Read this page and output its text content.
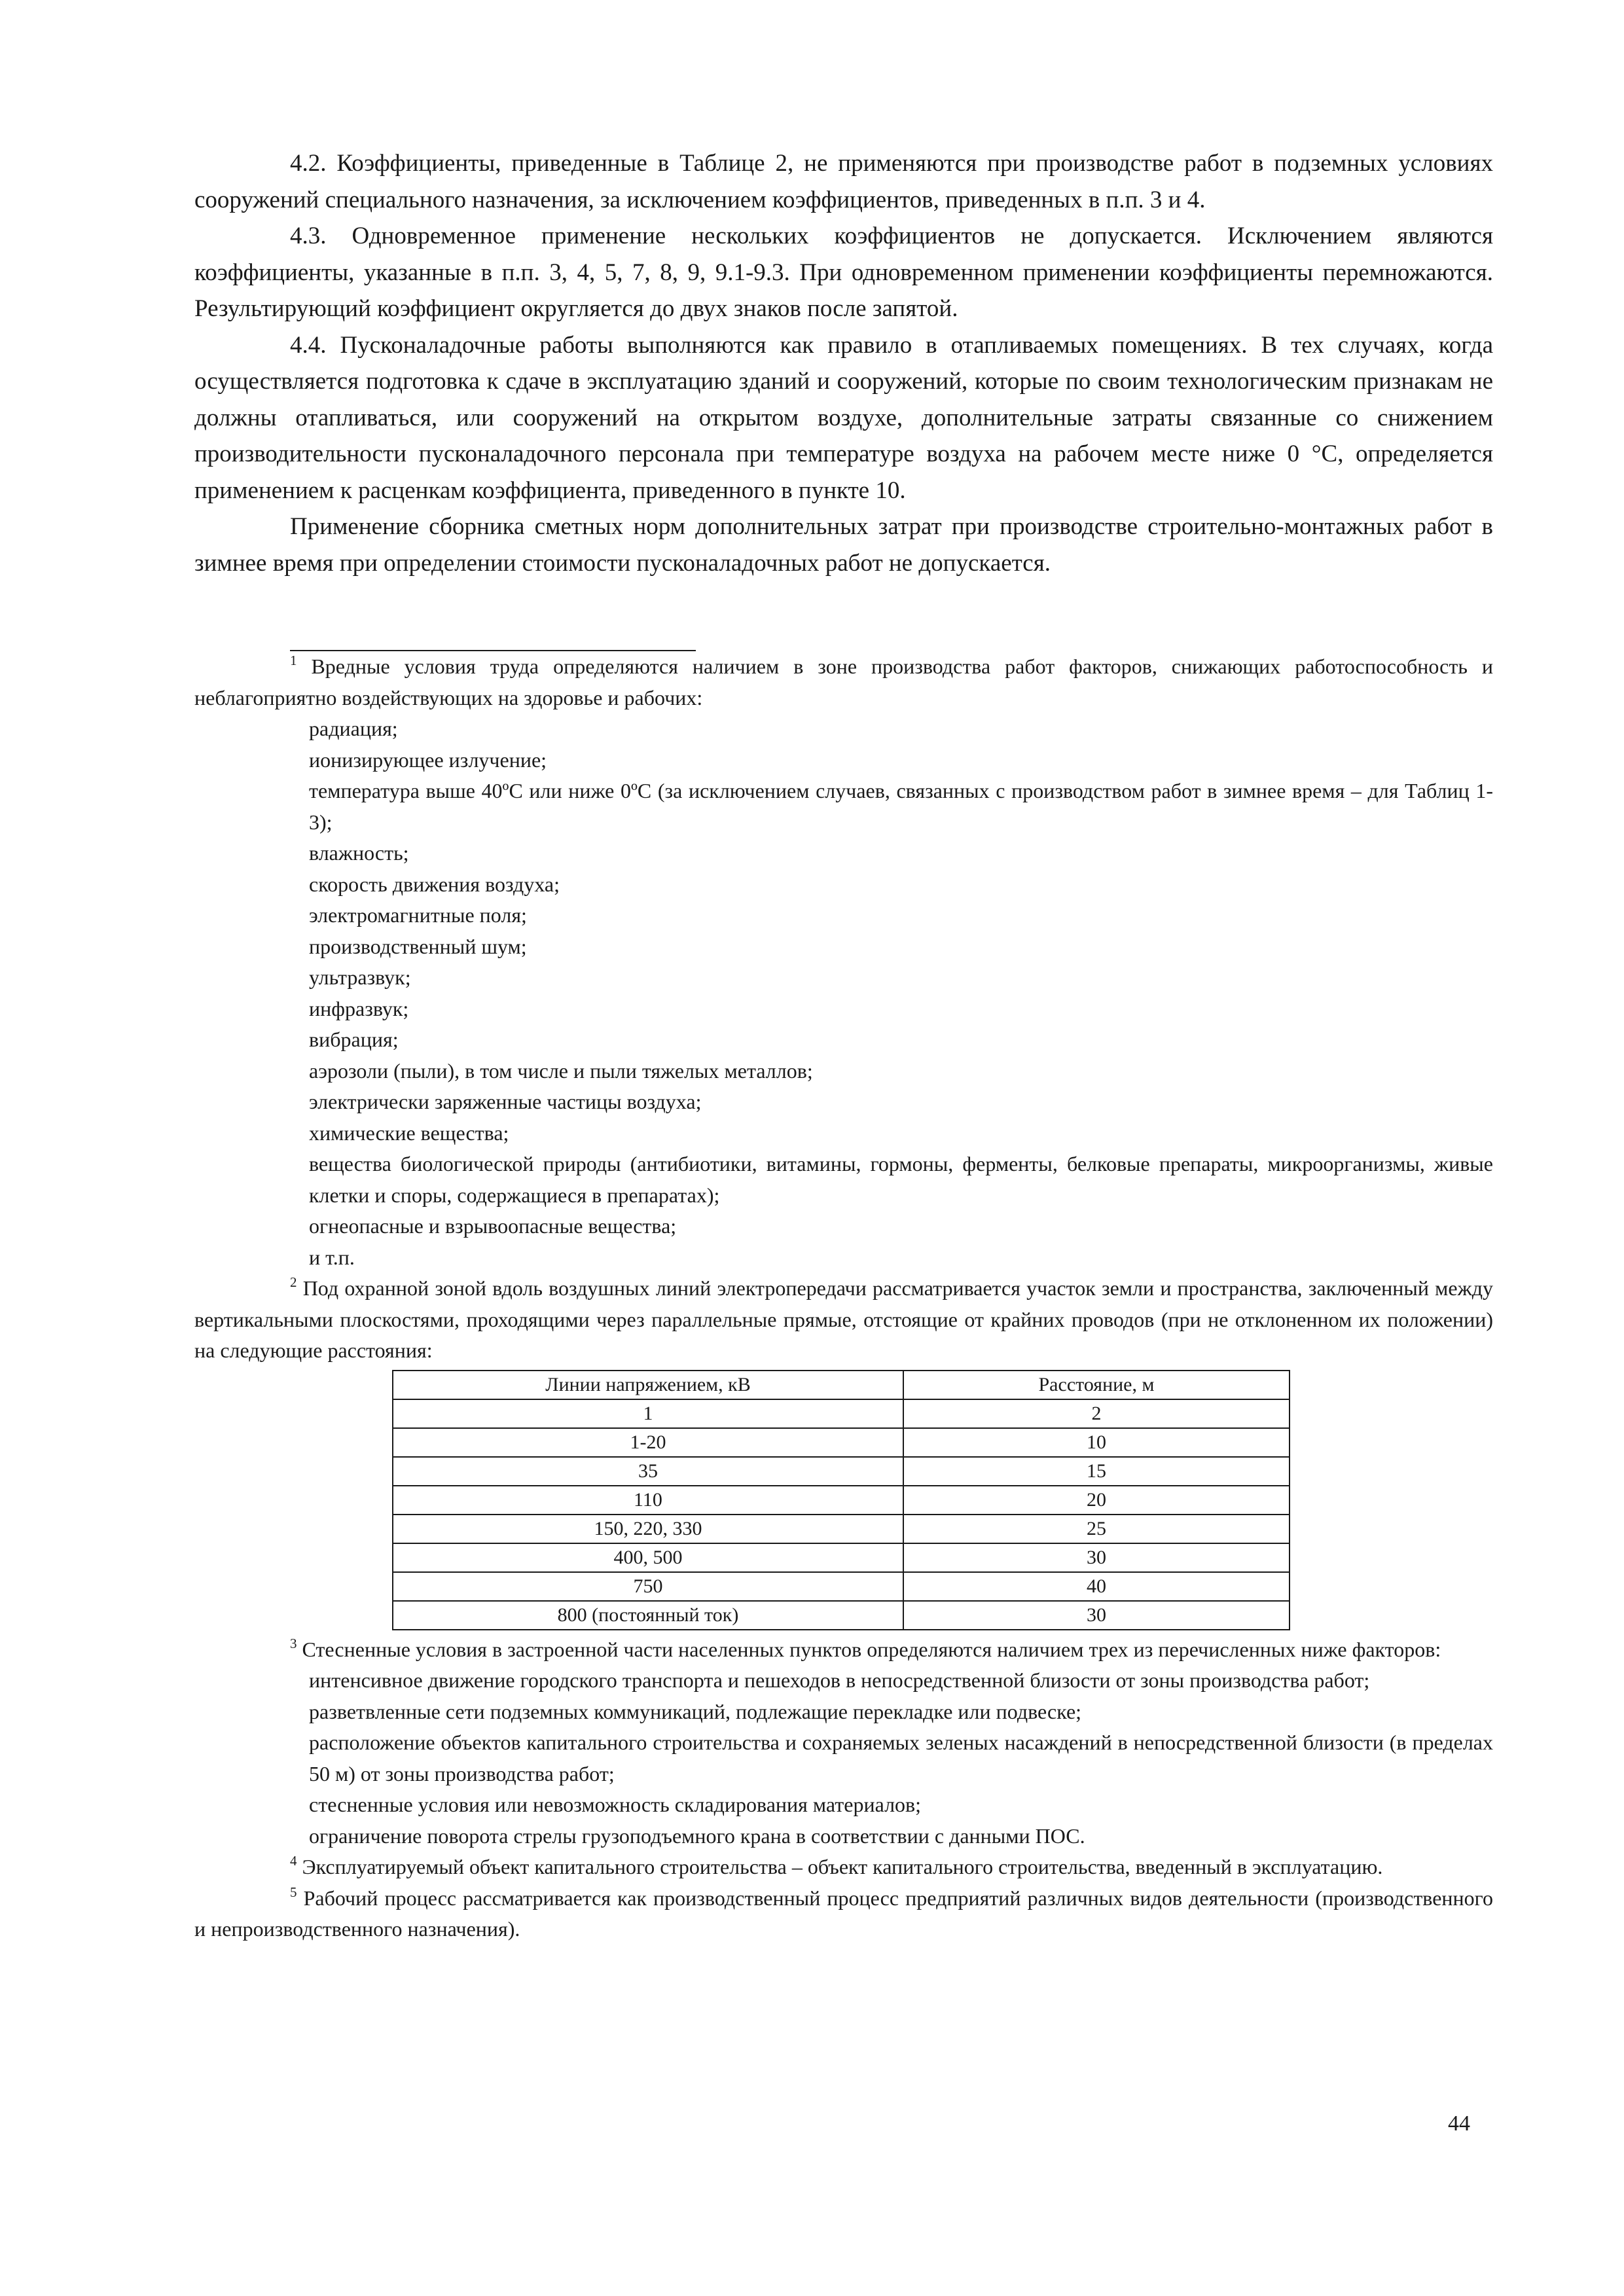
4.2. Коэффициенты, приведенные в Таблице 2, не применяются при производстве работ в подземных условиях сооружений специального назначения, за исключением коэффициентов, приведенных в п.п. 3 и 4.

4.3. Одновременное применение нескольких коэффициентов не допускается. Исключением являются коэффициенты, указанные в п.п. 3, 4, 5, 7, 8, 9, 9.1-9.3. При одновременном применении коэффициенты перемножаются. Результирующий коэффициент округляется до двух знаков после запятой.

4.4. Пусконаладочные работы выполняются как правило в отапливаемых помещениях. В тех случаях, когда осуществляется подготовка к сдаче в эксплуатацию зданий и сооружений, которые по своим технологическим признакам не должны отапливаться, или сооружений на открытом воздухе, дополнительные затраты связанные со снижением производительности пусконаладочного персонала при температуре воздуха на рабочем месте ниже 0 °С, определяется применением к расценкам коэффициента, приведенного в пункте 10.

Применение сборника сметных норм дополнительных затрат при производстве строительно-монтажных работ в зимнее время при определении стоимости пусконаладочных работ не допускается.

$^1$ Вредные условия труда определяются наличием в зоне производства работ факторов, снижающих работоспособность и неблагоприятно воздействующих на здоровье и рабочих:

радиация;
ионизирующее излучение;
температура выше 40ºС или ниже 0ºС (за исключением случаев, связанных с производством работ в зимнее время – для Таблиц 1-3);
влажность;
скорость движения воздуха;
электромагнитные поля;
производственный шум;
ультразвук;
инфразвук;
вибрация;
аэрозоли (пыли), в том числе и пыли тяжелых металлов;
электрически заряженные частицы воздуха;
химические вещества;
вещества биологической природы (антибиотики, витамины, гормоны, ферменты, белковые препараты, микроорганизмы, живые клетки и споры, содержащиеся в препаратах);
огнеопасные и взрывоопасные вещества;
и т.п.

$^2$ Под охранной зоной вдоль воздушных линий электропередачи рассматривается участок земли и пространства, заключенный между вертикальными плоскостями, проходящими через параллельные прямые, отстоящие от крайних проводов (при не отклоненном их положении) на следующие расстояния:

Линии напряжением, кВ	Расстояние, м
1	2
1-20	10
35	15
110	20
150, 220, 330	25
400, 500	30
750	40
800 (постоянный ток)	30

$^3$ Стесненные условия в застроенной части населенных пунктов определяются наличием трех из перечисленных ниже факторов:

интенсивное движение городского транспорта и пешеходов в непосредственной близости от зоны производства работ;
разветвленные сети подземных коммуникаций, подлежащие перекладке или подвеске;
расположение объектов капитального строительства и сохраняемых зеленых насаждений в непосредственной близости (в пределах 50 м) от зоны производства работ;
стесненные условия или невозможность складирования материалов;
ограничение поворота стрелы грузоподъемного крана в соответствии с данными ПОС.

$^4$ Эксплуатируемый объект капитального строительства – объект капитального строительства, введенный в эксплуатацию.

$^5$ Рабочий процесс рассматривается как производственный процесс предприятий различных видов деятельности (производственного и непроизводственного назначения).

44
